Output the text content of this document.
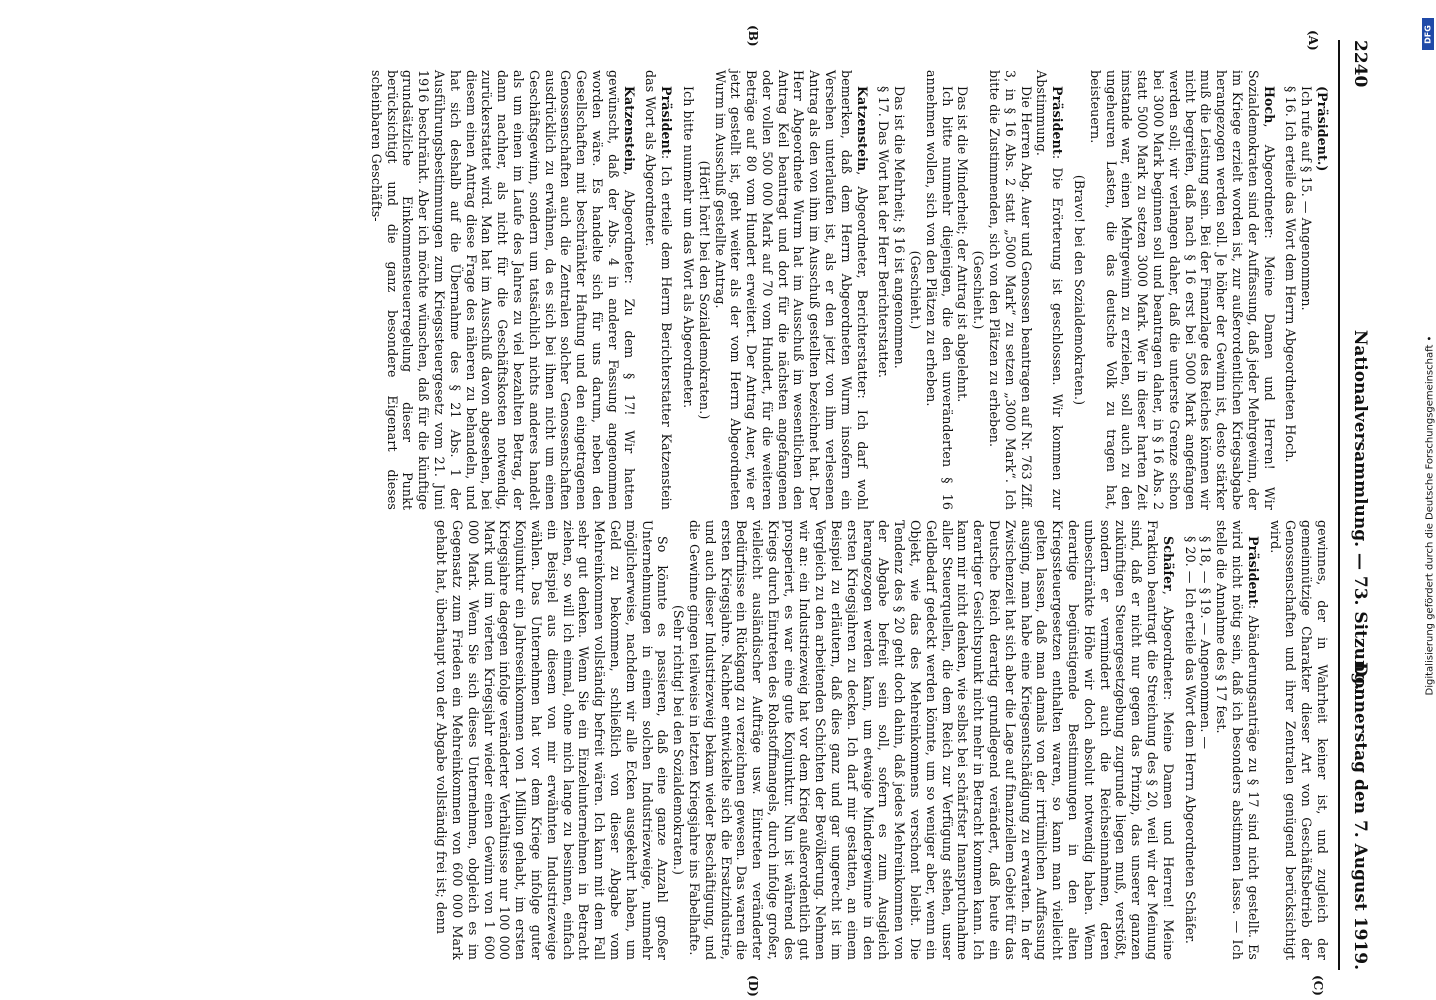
2240
Nationalversammlung. — 73. Sitzung.
Donnerstag den 7. August 1919.
(A)
(B)
(C)
(D)

(Präsident.)

Ich rufe auf § 15. — Angenommen.

§ 16. Ich erteile das Wort dem Herrn Abgeordneten Hoch.

Hoch, Abgeordneter: Meine Damen und Herren! Wir Sozialdemokraten sind der Auffassung, daß jeder Mehrgewinn, der im Kriege erzielt worden ist, zur außerordentlichen Kriegsabgabe herangezogen werden soll. Je höher der Gewinn ist, desto stärker muß die Leistung sein. Bei der Finanzlage des Reiches können wir nicht begreifen, daß nach § 16 erst bei 5000 Mark angefangen werden soll; wir verlangen daher, daß die unterste Grenze schon bei 3000 Mark beginnen soll und beantragen daher, in § 16 Abs. 2 statt 5000 Mark zu setzen 3000 Mark. Wer in dieser harten Zeit imstande war, einen Mehrgewinn zu erzielen, soll auch zu den ungeheuren Lasten, die das deutsche Volk zu tragen hat, beisteuern.

(Bravo! bei den Sozialdemokraten.)

Präsident: Die Erörterung ist geschlossen. Wir kommen zur Abstimmung.

Die Herren Abg. Auer und Genossen beantragen auf Nr. 763 Ziff. 3, in § 16 Abs. 2 statt „5000 Mark“ zu setzen „3000 Mark“. Ich bitte die Zustimmenden, sich von den Plätzen zu erheben.

(Geschieht.)

Das ist die Minderheit; der Antrag ist abgelehnt.

Ich bitte nunmehr diejenigen, die den unveränderten § 16 annehmen wollen, sich von den Plätzen zu erheben.

(Geschieht.)

Das ist die Mehrheit; § 16 ist angenommen.

§ 17. Das Wort hat der Herr Berichterstatter.

Katzenstein, Abgeordneter, Berichterstatter: Ich darf wohl bemerken, daß dem Herrn Abgeordneten Wurm insofern ein Versehen unterlaufen ist, als er den jetzt von ihm verlesenen Antrag als den von ihm im Ausschuß gestellten bezeichnet hat. Der Herr Abgeordnete Wurm hat im Ausschuß im wesentlichen den Antrag Keil beantragt und dort für die nächsten angefangenen oder vollen 500 000 Mark auf 70 vom Hundert, für die weiteren Beträge auf 80 vom Hundert erweitert. Der Antrag Auer, wie er jetzt gestellt ist, geht weiter als der vom Herrn Abgeordneten Wurm im Ausschuß gestellte Antrag.

(Hört! hört! bei den Sozialdemokraten.)

Ich bitte nunmehr um das Wort als Abgeordneter.

Präsident: Ich erteile dem Herrn Berichterstatter Katzenstein das Wort als Abgeordneter.

Katzenstein, Abgeordneter: Zu dem § 17! Wir hatten gewünscht, daß der Abs. 4 in anderer Fassung angenommen worden wäre. Es handelte sich für uns darum, neben den Gesellschaften mit beschränkter Haftung und den eingetragenen Genossenschaften auch die Zentralen solcher Genossenschaften ausdrücklich zu erwähnen, da es sich bei ihnen nicht um einen Geschäftsgewinn, sondern um tatsächlich nichts anderes handelt als um einen im Laufe des Jahres zu viel bezahlten Betrag, der dann nachher, als nicht für die Geschäftskosten notwendig, zurückerstattet wird. Man hat im Ausschuß davon abgesehen, bei diesem einen Antrag diese Frage des näheren zu behandeln, und hat sich deshalb auf die Übernahme des § 21 Abs. 1 der Ausführungsbestimmungen zum Kriegssteuergesetz vom 21. Juni 1916 beschränkt. Aber ich möchte wünschen, daß für die künftige grundsätzliche Einkommensteuerregelung dieser Punkt berücksichtigt und die ganz besondere Eigenart dieses scheinbaren Geschäfts-

gewinnes, der in Wahrheit keiner ist, und zugleich der gemeinnützige Charakter dieser Art von Geschäftsbetrieb der Genossenschaften und ihrer Zentralen genügend berücksichtigt wird.

Präsident: Abänderungsanträge zu § 17 sind nicht gestellt. Es wird nicht nötig sein, daß ich besonders abstimmen lasse. — Ich stelle die Annahme des § 17 fest.

§ 18, — § 19. — Angenommen. —

§ 20. — Ich erteile das Wort dem Herrn Abgeordneten Schäfer.

Schäfer, Abgeordneter: Meine Damen und Herren! Meine Fraktion beantragt die Streichung des § 20, weil wir der Meinung sind, daß er nicht nur gegen das Prinzip, das unserer ganzen zukünftigen Steuergesetzgebung zugrunde liegen muß, verstößt, sondern er vermindert auch die Reichseinnahmen, deren unbeschränkte Höhe wir doch absolut notwendig haben. Wenn derartige begünstigende Bestimmungen in den alten Kriegssteuergesetzen enthalten waren, so kann man vielleicht gelten lassen, daß man damals von der irrtümlichen Auffassung ausging, man habe eine Kriegsentschädigung zu erwarten. In der Zwischenzeit hat sich aber die Lage auf finanziellem Gebiet für das Deutsche Reich derartig grundlegend verändert, daß heute ein derartiger Gesichtspunkt nicht mehr in Betracht kommen kann. Ich kann mir nicht denken, wie selbst bei schärfster Inanspruchnahme aller Steuerquellen, die dem Reich zur Verfügung stehen, unser Geldbedarf gedeckt werden könnte, um so weniger aber, wenn ein Objekt, wie das des Mehreinkommens verschont bleibt. Die Tendenz des § 20 geht doch dahin, daß jedes Mehreinkommen von der Abgabe befreit sein soll, sofern es zum Ausgleich herangezogen werden kann, um etwaige Mindergewinne in den ersten Kriegsjahren zu decken. Ich darf mir gestatten, an einem Beispiel zu erläutern, daß dies ganz und gar ungerecht ist im Vergleich zu den arbeitenden Schichten der Bevölkerung. Nehmen wir an: ein Industriezweig hat vor dem Krieg außerordentlich gut prosperiert, es war eine gute Konjunktur. Nun ist während des Kriegs durch Eintreten des Rohstoffmangels, durch infolge großer, vielleicht ausländischer Aufträge usw. Eintreten veränderter Bedürfnisse ein Rückgang zu verzeichnen gewesen. Das waren die ersten Kriegsjahre. Nachher entwickelte sich die Ersatzindustrie, und auch dieser Industriezweig bekam wieder Beschäftigung, und die Gewinne gingen teilweise in letzten Kriegsjahre ins Fabelhafte.

(Sehr richtig! bei den Sozialdemokraten.)

So könnte es passieren, daß eine ganze Anzahl großer Unternehmungen in einem solchen Industriezweige, nunmehr möglicherweise, nachdem wir alle Ecken ausgekehrt haben, um Geld zu bekommen, schließlich von dieser Abgabe vom Mehreinkommen vollständig befreit wären. Ich kann mit dem Fall sehr gut denken. Wenn Sie ein Einzelunternehmen in Betracht ziehen, so will ich einmal, ohne mich lange zu besinnen, einfach ein Beispiel aus diesem von mir erwähnten Industriezweige wählen. Das Unternehmen hat vor dem Kriege infolge guter Konjunktur ein Jahreseinkommen von 1 Million gehabt, im ersten Kriegsjahre dagegen infolge veränderter Verhältnisse nur 100 000 Mark und im vierten Kriegsjahr wieder einen Gewinn von 1 600 000 Mark. Wenn Sie sich dieses Unternehmen, obgleich es im Gegensatz zum Frieden ein Mehreinkommen von 600 000 Mark gehabt hat, überhaupt von der Abgabe vollständig frei ist; denn

DFG
Digitalisierung gefördert durch die Deutsche Forschungsgemeinschaft •
